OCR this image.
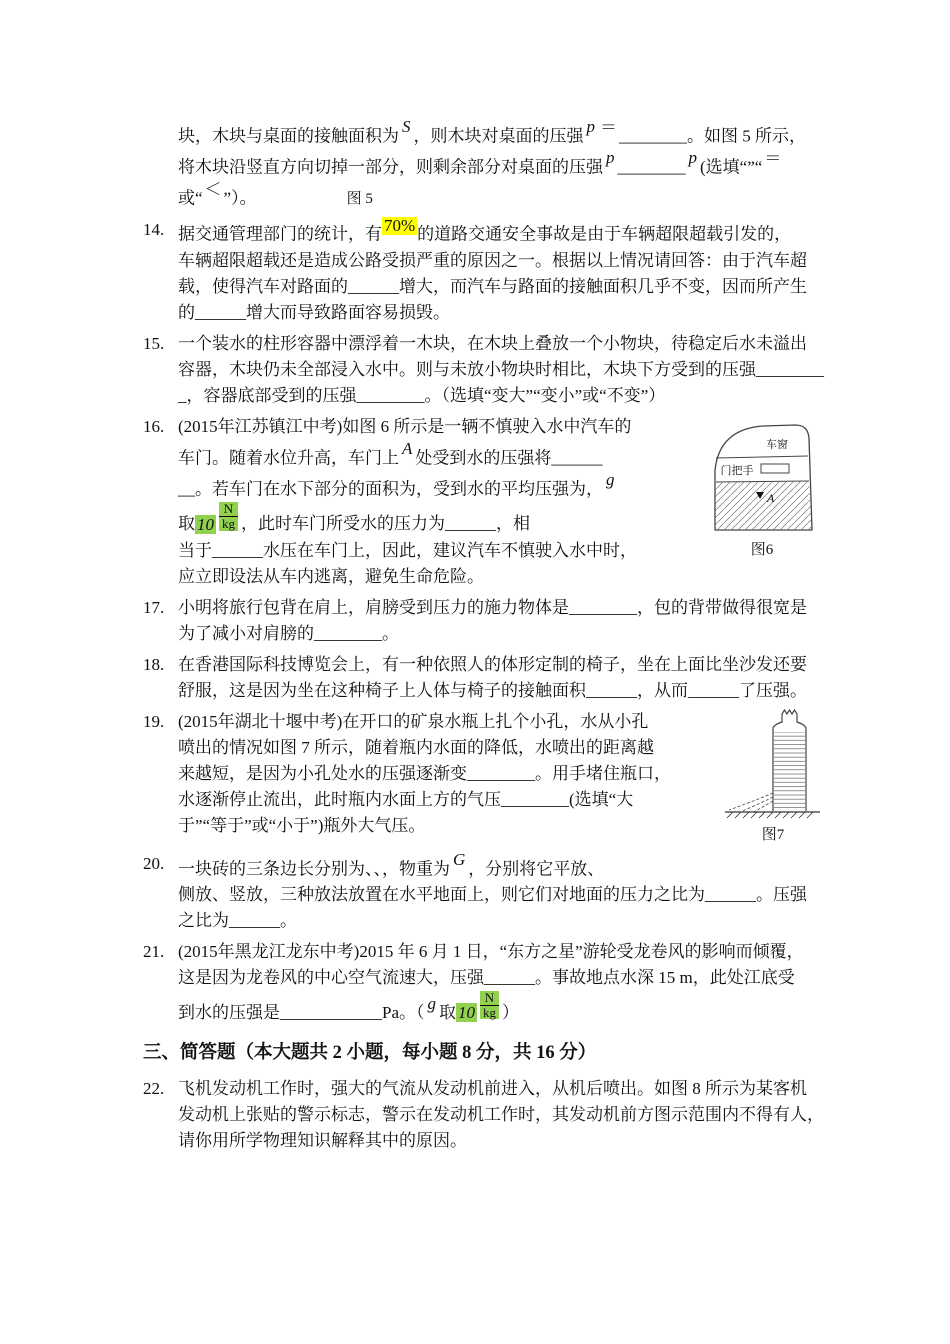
块，木块与桌面的接触面积为 S ，则木块对桌面的压强 p ＝ ________。如图 5 所示，
将木块沿竖直方向切掉一部分，则剩余部分对桌面的压强 p ________ p (选填“”“ ＝
或“ ＜ ”）。	图 5
14. 据交通管理部门的统计，有 70% 的道路交通安全事故是由于车辆超限超载引发的，
车辆超限超载还是造成公路受损严重的原因之一。根据以上情况请回答：由于汽车超
载，使得汽车对路面的______增大，而汽车与路面的接触面积几乎不变，因而所产生
的______增大而导致路面容易损毁。
15. 一个装水的柱形容器中漂浮着一木块，在木块上叠放一个小物块，待稳定后水未溢出
容器，木块仍未全部浸入水中。则与未放小物块时相比，木块下方受到的压强________
_，容器底部受到的压强________。（选填“变大”“变小”或“不变”）
16.
车窗
门把手
A
图6
(2015年江苏镇江中考)如图 6 所示是一辆不慎驶入水中汽车的
车门。随着水位升高，车门上 A 处受到水的压强将______
__。若车门在水下部分的面积为，受到水的平均压强为， g
取 $10 \frac{N}{kg}$ ，此时车门所受水的压力为______，相
当于______水压在车门上，因此，建议汽车不慎驶入水中时，
应立即设法从车内逃离，避免生命危险。
17. 小明将旅行包背在肩上，肩膀受到压力的施力物体是________，包的背带做得很宽是
为了减小对肩膀的________。
18. 在香港国际科技博览会上，有一种依照人的体形定制的椅子，坐在上面比坐沙发还要
舒服，这是因为坐在这种椅子上人体与椅子的接触面积______，从而______了压强。
19.
图7
(2015年湖北十堰中考)在开口的矿泉水瓶上扎个小孔，水从小孔
喷出的情况如图 7 所示，随着瓶内水面的降低，水喷出的距离越
来越短，是因为小孔处水的压强逐渐变________。用手堵住瓶口，
水逐渐停止流出，此时瓶内水面上方的气压________(选填“大
于”“等于”或“小于”)瓶外大气压。
20. 一块砖的三条边长分别为、、，物重为 G ，分别将它平放、
侧放、竖放，三种放法放置在水平地面上，则它们对地面的压力之比为______。压强
之比为______。
21. (2015年黑龙江龙东中考)2015 年 6 月 1 日，“东方之星”游轮受龙卷风的影响而倾覆，
这是因为龙卷风的中心空气流速大，压强______。事故地点水深 15 m，此处江底受
到水的压强是____________Pa。（ g 取 $10 \frac{N}{kg}$ ）
三、简答题（本大题共 2 小题，每小题 8 分，共 16 分）
22. 飞机发动机工作时，强大的气流从发动机前进入，从机后喷出。如图 8 所示为某客机
发动机上张贴的警示标志，警示在发动机工作时，其发动机前方图示范围内不得有人，
请你用所学物理知识解释其中的原因。
